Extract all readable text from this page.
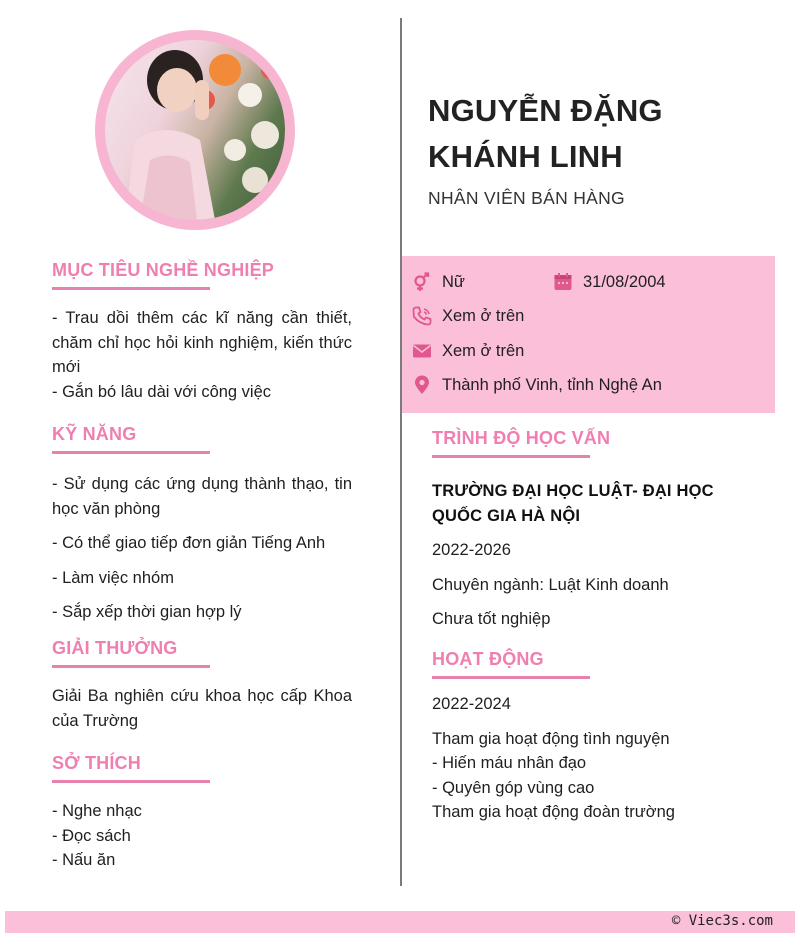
MỤC TIÊU NGHỀ NGHIỆP
- Trau dồi thêm các kĩ năng cần thiết, chăm chỉ học hỏi kinh nghiệm, kiến thức mới
- Gắn bó lâu dài với công việc
KỸ NĂNG
- Sử dụng các ứng dụng thành thạo, tin học văn phòng
- Có thể giao tiếp đơn giản Tiếng Anh
- Làm việc nhóm
- Sắp xếp thời gian hợp lý
GIẢI THƯỞNG
Giải Ba nghiên cứu khoa học cấp Khoa của Trường
SỞ THÍCH
- Nghe nhạc
- Đọc sách
- Nấu ăn
NGUYỄN ĐẶNG KHÁNH LINH
NHÂN VIÊN BÁN HÀNG
Nữ	31/08/2004
Xem ở trên
Xem ở trên
Thành phố Vinh, tỉnh Nghệ An
TRÌNH ĐỘ HỌC VẤN
TRƯỜNG ĐẠI HỌC LUẬT- ĐẠI HỌC QUỐC GIA HÀ NỘI
2022-2026
Chuyên ngành: Luật Kinh doanh
Chưa tốt nghiệp
HOẠT ĐỘNG
2022-2024
Tham gia hoạt động tình nguyện
- Hiến máu nhân đạo
- Quyên góp vùng cao
Tham gia hoạt động đoàn trường
© Viec3s.com
